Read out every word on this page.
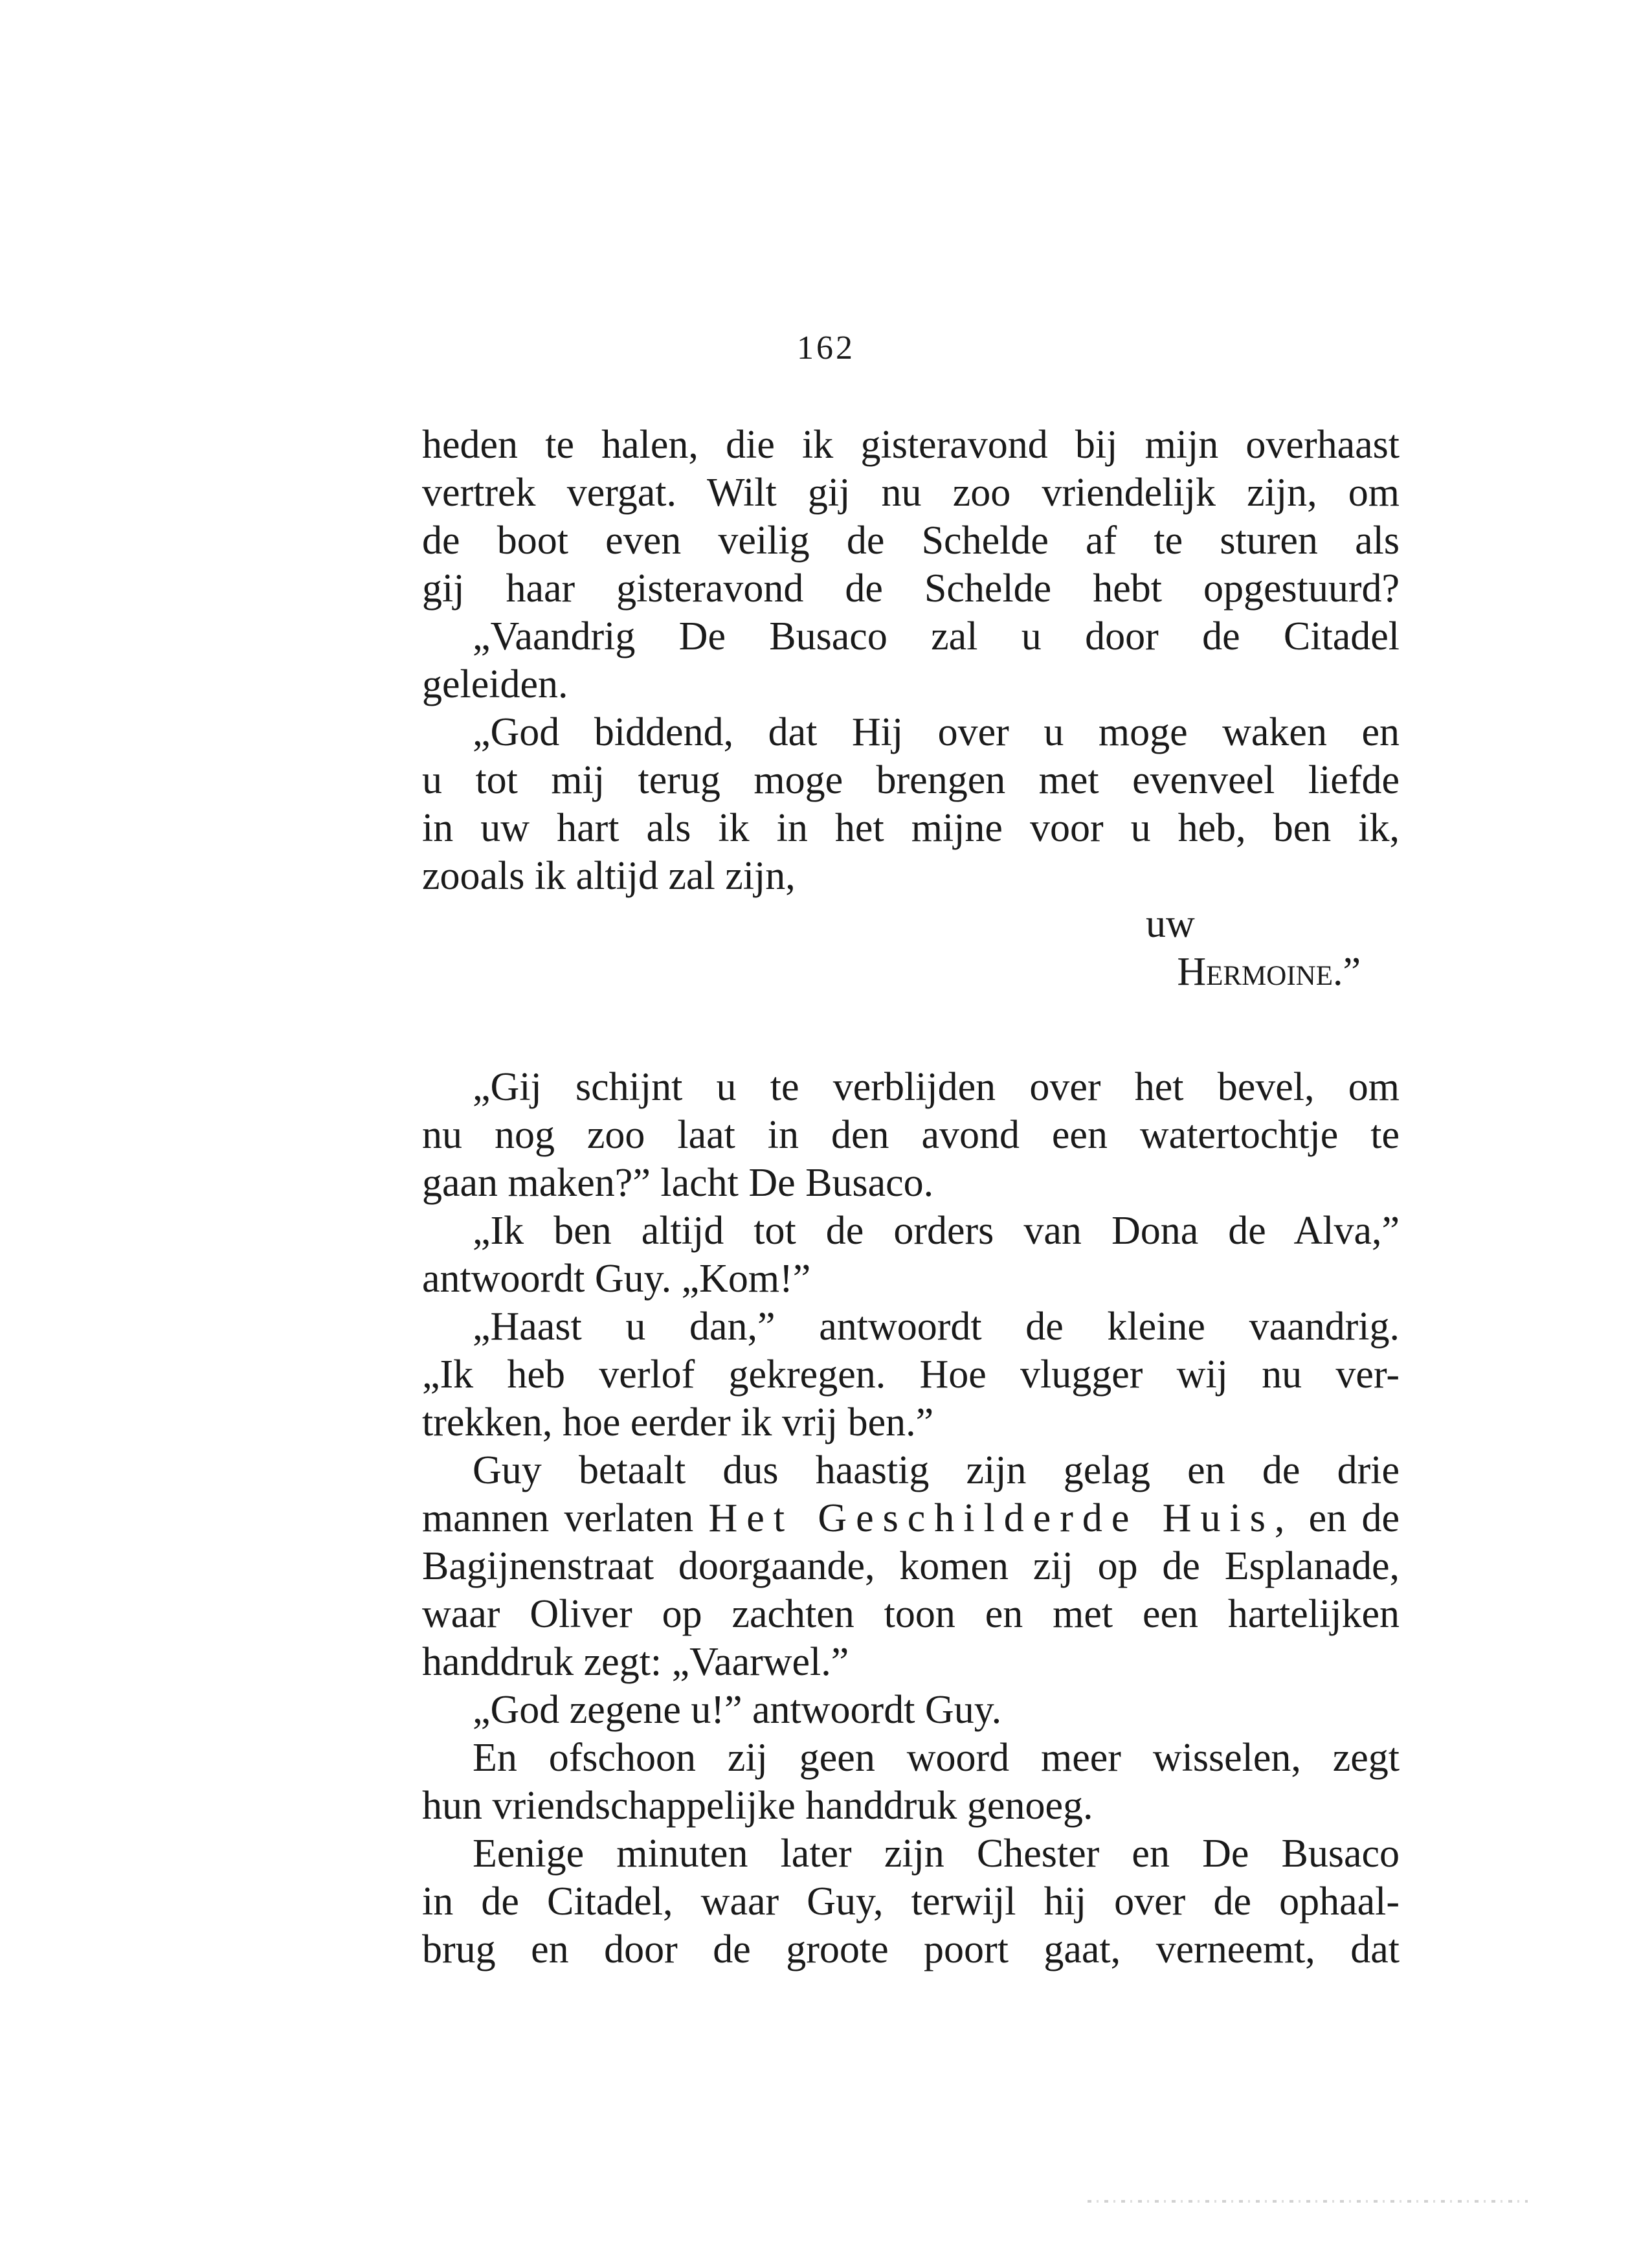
162
heden te halen, die ik gisteravond bij mijn overhaast
vertrek vergat. Wilt gij nu zoo vriendelijk zijn, om
de boot even veilig de Schelde af te sturen als
gij haar gisteravond de Schelde hebt opgestuurd?
„Vaandrig De Busaco zal u door de Citadel
geleiden.
„God biddend, dat Hij over u moge waken en
u tot mij terug moge brengen met evenveel liefde
in uw hart als ik in het mijne voor u heb, ben ik,
zooals ik altijd zal zijn,
uw
Hermoine.”
„Gij schijnt u te verblijden over het bevel, om
nu nog zoo laat in den avond een watertochtje te
gaan maken?” lacht De Busaco.
„Ik ben altijd tot de orders van Dona de Alva,”
antwoordt Guy. „Kom!”
„Haast u dan,” antwoordt de kleine vaandrig.
„Ik heb verlof gekregen. Hoe vlugger wij nu ver-
trekken, hoe eerder ik vrij ben.”
Guy betaalt dus haastig zijn gelag en de drie
mannen verlaten Het Geschilderde Huis, en de
Bagijnenstraat doorgaande, komen zij op de Esplanade,
waar Oliver op zachten toon en met een hartelijken
handdruk zegt: „Vaarwel.”
„God zegene u!” antwoordt Guy.
En ofschoon zij geen woord meer wisselen, zegt
hun vriendschappelijke handdruk genoeg.
Eenige minuten later zijn Chester en De Busaco
in de Citadel, waar Guy, terwijl hij over de ophaal-
brug en door de groote poort gaat, verneemt, dat
